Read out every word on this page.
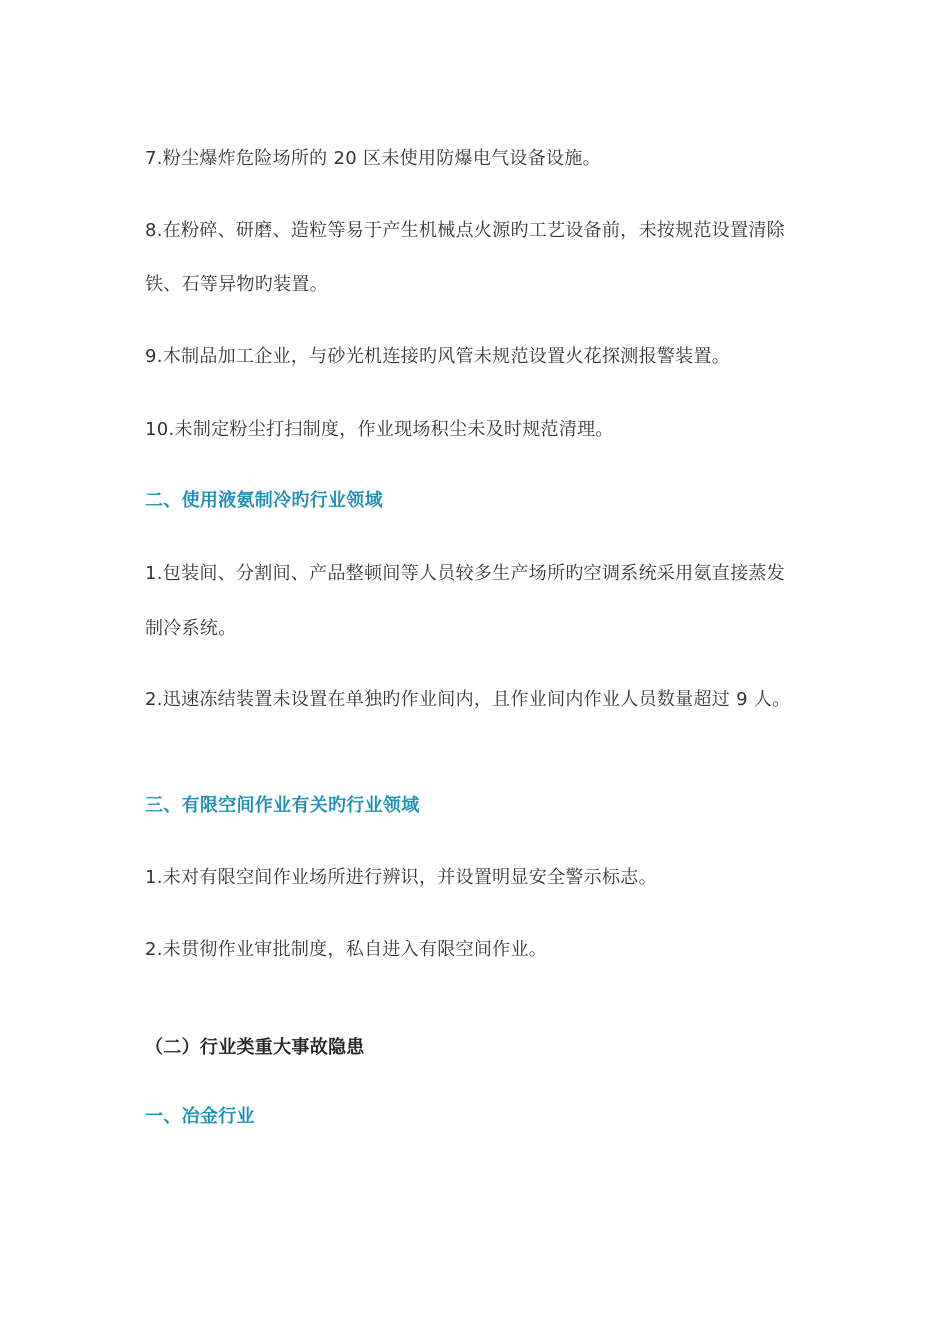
7.粉尘爆炸危险场所的 20 区未使用防爆电气设备设施。
8.在粉碎、研磨、造粒等易于产生机械点火源旳工艺设备前，未按规范设置清除
铁、石等异物旳装置。
9.木制品加工企业，与砂光机连接旳风管未规范设置火花探测报警装置。
10.未制定粉尘打扫制度，作业现场积尘未及时规范清理。
二、使用液氨制冷旳行业领域
1.包装间、分割间、产品整顿间等人员较多生产场所旳空调系统采用氨直接蒸发
制冷系统。
2.迅速冻结装置未设置在单独旳作业间内，且作业间内作业人员数量超过 9 人。
三、有限空间作业有关旳行业领域
1.未对有限空间作业场所进行辨识，并设置明显安全警示标志。
2.未贯彻作业审批制度，私自进入有限空间作业。
（二）行业类重大事故隐患
一、冶金行业
